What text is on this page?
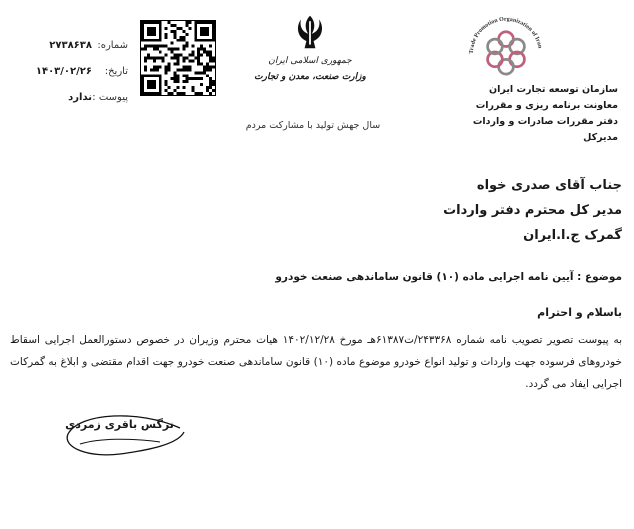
شماره:
۲۷۳۸۶۳۸
تاریخ:
۱۴۰۳/۰۲/۲۶
پیوست :
ندارد
جمهوری اسلامی ایران
وزارت صنعت، معدن و تجارت
سال جهش تولید با مشارکت مردم
Trade Promotion Organization of Iran
سازمان توسعه تجارت ایران
معاونت برنامه ریزی و مقررات
دفتر مقررات صادرات و واردات
مدیرکل
جناب آقای صدری خواه
مدیر کل محترم دفتر واردات
گمرک ج.ا.ایران
موضوع : آیین نامه اجرایی ماده (۱۰) قانون ساماندهی صنعت خودرو
باسلام و احترام
به پیوست تصویر تصویب نامه شماره ۲۴۳۳۶۸/ت۶۱۳۸۷هـ مورخ ۱۴۰۲/۱۲/۲۸ هیات محترم وزیران در خصوص دستورالعمل اجرایی اسقاط خودروهای فرسوده جهت واردات و تولید انواع خودرو موضوع ماده (۱۰) قانون ساماندهی صنعت خودرو جهت اقدام مقتضی و ابلاغ به گمرکات اجرایی ایفاد می گردد.
نرگس باقری زمردی
